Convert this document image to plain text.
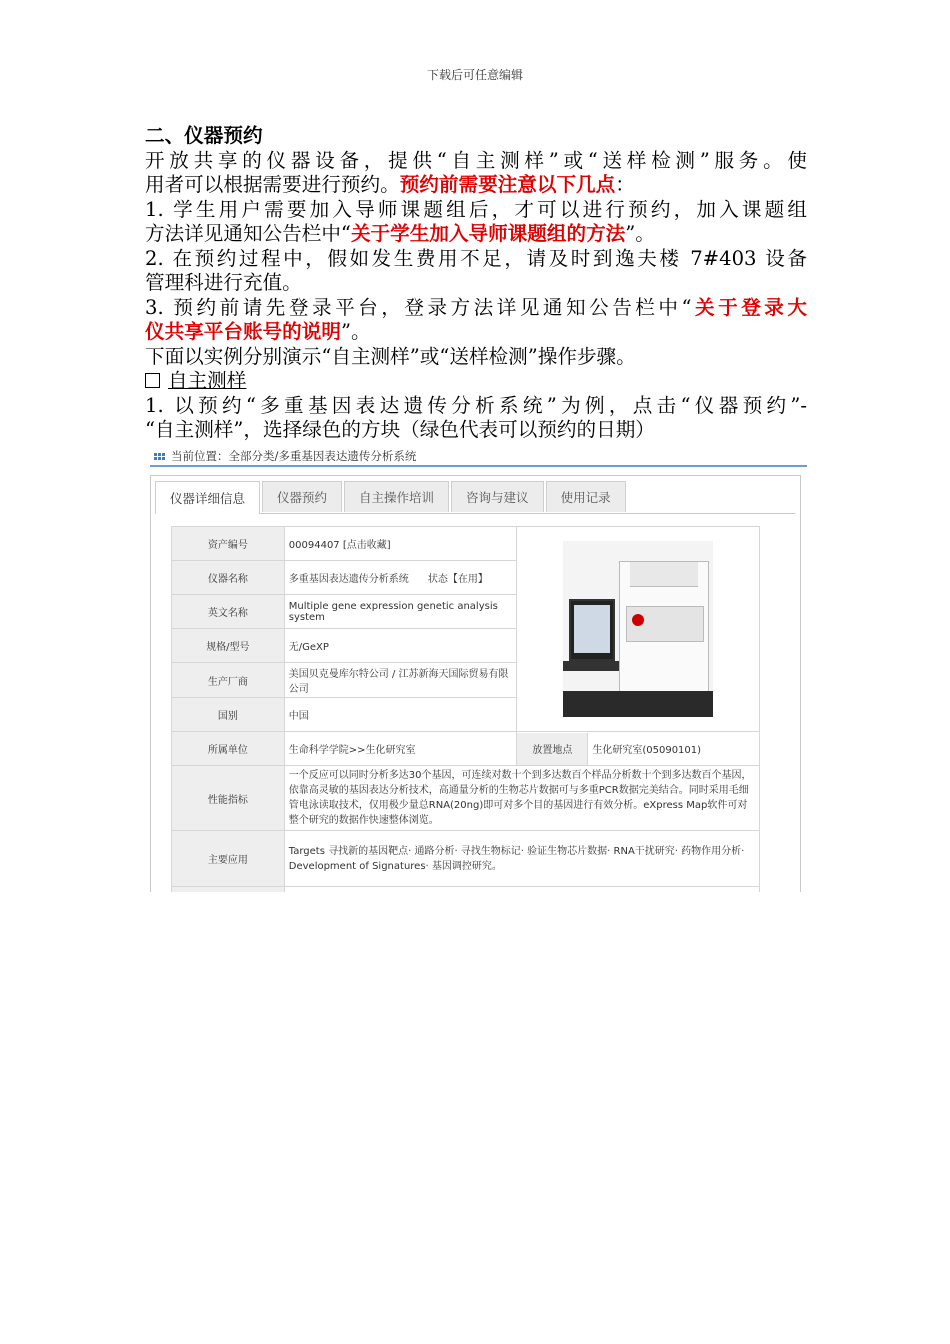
下载后可任意编辑

二、仪器预约

开放共享的仪器设备，提供“自主测样”或“送样检测”服务。使

用者可以根据需要进行预约。预约前需要注意以下几点：

1. 学生用户需要加入导师课题组后，才可以进行预约，加入课题组

方法详见通知公告栏中“关于学生加入导师课题组的方法”。

2. 在预约过程中，假如发生费用不足，请及时到逸夫楼 7#403 设备

管理科进行充值。

3. 预约前请先登录平台，登录方法详见通知公告栏中“关于登录大

仪共享平台账号的说明”。

下面以实例分别演示“自主测样”或“送样检测”操作步骤。

自主测样

1. 以预约“多重基因表达遗传分析系统”为例，点击“仪器预约”-

“自主测样”，选择绿色的方块（绿色代表可以预约的日期）

当前位置：全部分类/多重基因表达遗传分析系统
仪器详细信息	仪器预约	自主操作培训	咨询与建议	使用记录
资产编号	00094407 [点击收藏]	

仪器名称	多重基因表达遗传分析系统 状态【在用】	
英文名称	Multiple gene expression genetic analysis system	
规格/型号	无/GeXP	
生产厂商	美国贝克曼库尔特公司 / 江苏新海天国际贸易有限公司	
国别	中国	
所属单位	生命科学学院>>生化研究室	放置地点 生化研究室(05090101)

性能指标	一个反应可以同时分析多达30个基因，可连续对数十个到多达数百个样品分析数十个到多达数百个基因，依靠高灵敏的基因表达分析技术，高通量分析的生物芯片数据可与多重PCR数据完美结合。同时采用毛细管电泳读取技术，仅用极少量总RNA(20ng)即可对多个目的基因进行有效分析。eXpress Map软件可对整个研究的数据作快速整体浏览。	
主要应用	Targets 寻找新的基因靶点· 通路分析· 寻找生物标记· 验证生物芯片数据· RNA干扰研究· 药物作用分析· Development of Signatures· 基因调控研究。	
